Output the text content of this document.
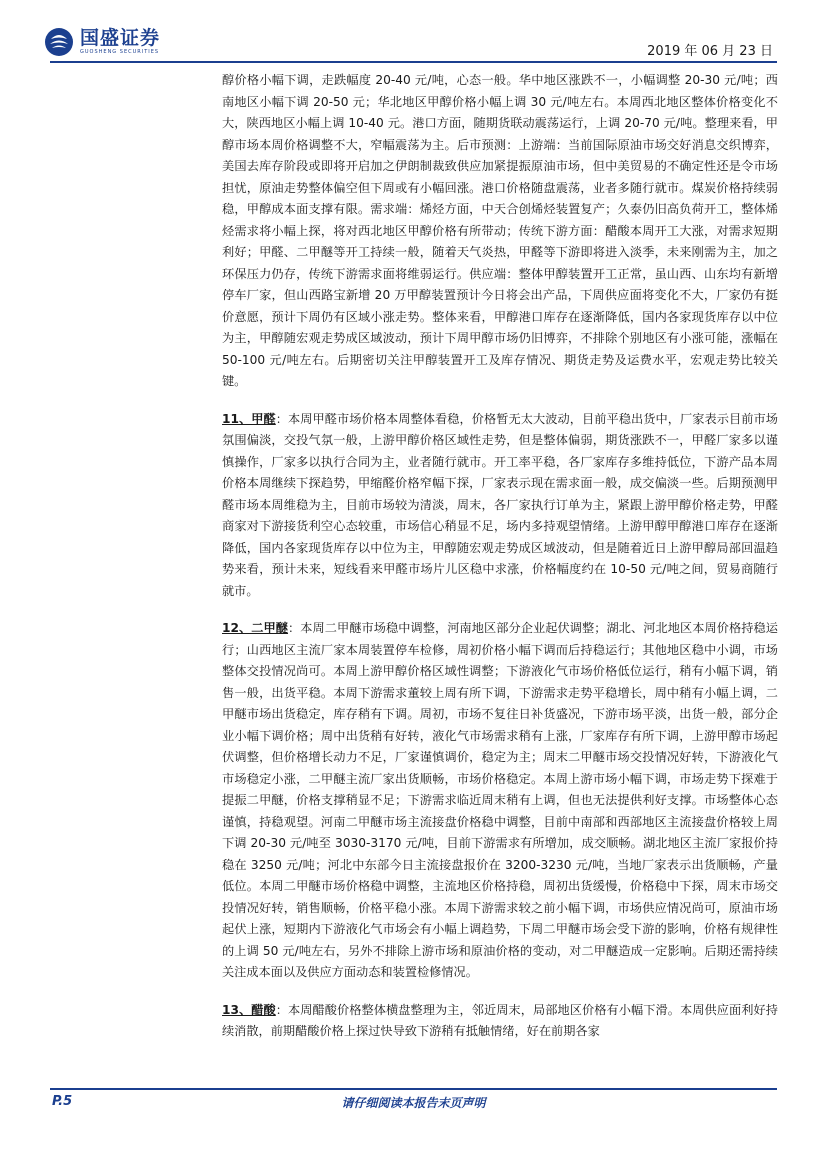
国盛证券
GUOSHENG SECURITIES	2019 年 06 月 23 日

醇价格小幅下调，走跌幅度 20-40 元/吨，心态一般。华中地区涨跌不一，小幅调整 20-30 元/吨；西南地区小幅下调 20-50 元；华北地区甲醇价格小幅上调 30 元/吨左右。本周西北地区整体价格变化不大，陕西地区小幅上调 10-40 元。港口方面，随期货联动震荡运行，上调 20-70 元/吨。整理来看，甲醇市场本周价格调整不大，窄幅震荡为主。后市预测：上游端：当前国际原油市场交好消息交织博弈，美国去库存阶段或即将开启加之伊朗制裁致供应加紧提振原油市场，但中美贸易的不确定性还是令市场担忧，原油走势整体偏空但下周或有小幅回涨。港口价格随盘震荡，业者多随行就市。煤炭价格持续弱稳，甲醇成本面支撑有限。需求端：烯烃方面，中天合创烯烃装置复产；久泰仍旧高负荷开工，整体烯烃需求将小幅上探，将对西北地区甲醇价格有所带动；传统下游方面：醋酸本周开工大涨，对需求短期利好；甲醛、二甲醚等开工持续一般，随着天气炎热，甲醛等下游即将进入淡季，未来刚需为主，加之环保压力仍存，传统下游需求面将维弱运行。供应端：整体甲醇装置开工正常，虽山西、山东均有新增停车厂家，但山西路宝新增 20 万甲醇装置预计今日将会出产品，下周供应面将变化不大，厂家仍有挺价意愿，预计下周仍有区域小涨走势。整体来看，甲醇港口库存在逐渐降低，国内各家现货库存以中位为主，甲醇随宏观走势成区域波动，预计下周甲醇市场仍旧博弈，不排除个别地区有小涨可能，涨幅在 50-100 元/吨左右。后期密切关注甲醇装置开工及库存情况、期货走势及运费水平，宏观走势比较关键。

11、甲醛：本周甲醛市场价格本周整体看稳，价格暂无太大波动，目前平稳出货中，厂家表示目前市场氛围偏淡，交投气氛一般，上游甲醇价格区域性走势，但是整体偏弱，期货涨跌不一，甲醛厂家多以谨慎操作，厂家多以执行合同为主，业者随行就市。开工率平稳，各厂家库存多维持低位，下游产品本周价格本周继续下探趋势，甲缩醛价格窄幅下探，厂家表示现在需求面一般，成交偏淡一些。后期预测甲醛市场本周维稳为主，目前市场较为清淡，周末，各厂家执行订单为主，紧跟上游甲醇价格走势，甲醛商家对下游接货利空心态较重，市场信心稍显不足，场内多持观望情绪。上游甲醇甲醇港口库存在逐渐降低，国内各家现货库存以中位为主，甲醇随宏观走势成区域波动，但是随着近日上游甲醇局部回温趋势来看，预计未来，短线看来甲醛市场片儿区稳中求涨，价格幅度约在 10-50 元/吨之间，贸易商随行就市。

12、二甲醚：本周二甲醚市场稳中调整，河南地区部分企业起伏调整；湖北、河北地区本周价格持稳运行；山西地区主流厂家本周装置停车检修，周初价格小幅下调而后持稳运行；其他地区稳中小调，市场整体交投情况尚可。本周上游甲醇价格区域性调整；下游液化气市场价格低位运行，稍有小幅下调，销售一般，出货平稳。本周下游需求董较上周有所下调，下游需求走势平稳增长，周中稍有小幅上调，二甲醚市场出货稳定，库存稍有下调。周初，市场不复往日补货盛况，下游市场平淡，出货一般，部分企业小幅下调价格；周中出货稍有好转，液化气市场需求稍有上涨，厂家库存有所下调，上游甲醇市场起伏调整，但价格增长动力不足，厂家谨慎调价，稳定为主；周末二甲醚市场交投情况好转，下游液化气市场稳定小涨，二甲醚主流厂家出货顺畅，市场价格稳定。本周上游市场小幅下调，市场走势下探难于提振二甲醚，价格支撑稍显不足；下游需求临近周末稍有上调，但也无法提供利好支撑。市场整体心态谨慎，持稳观望。河南二甲醚市场主流接盘价格稳中调整，目前中南部和西部地区主流接盘价格较上周下调 20-30 元/吨至 3030-3170 元/吨，目前下游需求有所增加，成交顺畅。湖北地区主流厂家报价持稳在 3250 元/吨；河北中东部今日主流接盘报价在 3200-3230 元/吨，当地厂家表示出货顺畅，产量低位。本周二甲醚市场价格稳中调整，主流地区价格持稳，周初出货缓慢，价格稳中下探，周末市场交投情况好转，销售顺畅，价格平稳小涨。本周下游需求较之前小幅下调，市场供应情况尚可，原油市场起伏上涨，短期内下游液化气市场会有小幅上调趋势，下周二甲醚市场会受下游的影响，价格有规律性的上调 50 元/吨左右，另外不排除上游市场和原油价格的变动，对二甲醚造成一定影响。后期还需持续关注成本面以及供应方面动态和装置检修情况。

13、醋酸：本周醋酸价格整体横盘整理为主，邻近周末，局部地区价格有小幅下滑。本周供应面利好持续消散，前期醋酸价格上探过快导致下游稍有抵触情绪，好在前期各家

P.5	请仔细阅读本报告末页声明
